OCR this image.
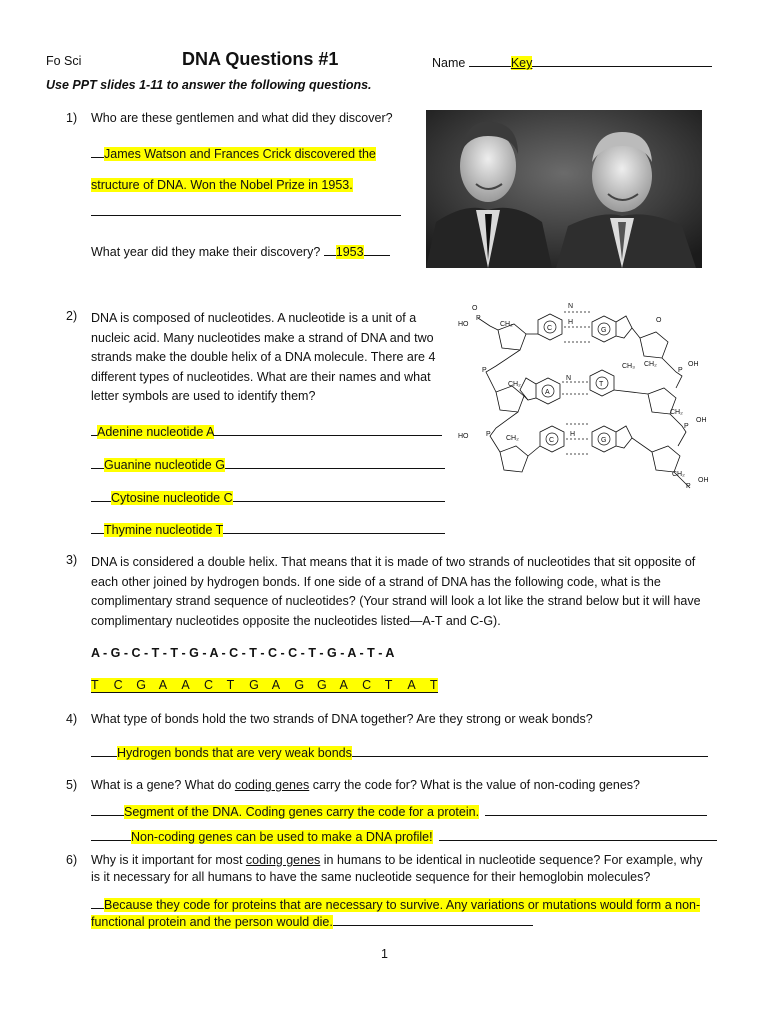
Fo Sci	DNA Questions #1	Name	Key
Use PPT slides 1-11 to answer the following questions.
1) Who are these gentlemen and what did they discover?
James Watson and Frances Crick discovered the
structure of DNA. Won the Nobel Prize in 1953.
What year did they make their discovery? 1953
2) DNA is composed of nucleotides. A nucleotide is a unit of a
nucleic acid. Many nucleotides make a strand of DNA and two
strands make the double helix of a DNA molecule. There are 4
different types of nucleotides. What are their names and what
letter symbols are used to identify them?
Adenine nucleotide A
Guanine nucleotide G
Cytosine nucleotide C
Thymine nucleotide T
C	G
A
T
C	G
O
P
HO	CH₂
P
CH₂
P
HO	CH₂
O
CH₂
P
OH
CH₂
P
OH
CH₂
P
OH
CH₃
N
H
N
H
3) DNA is considered a double helix. That means that it is made of two strands of nucleotides that sit opposite of
each other joined by hydrogen bonds. If one side of a strand of DNA has the following code, what is the
complimentary strand sequence of nucleotides? (Your strand will look a lot like the strand below but it will have
complimentary nucleotides opposite the nucleotides listed—A-T and C-G).
A - G - C - T - T - G - A - C - T - C - C - T - G - A - T - A
T C G A A C T G A G G A C T A T
4) What type of bonds hold the two strands of DNA together? Are they strong or weak bonds?
Hydrogen bonds that are very weak bonds
5) What is a gene? What do coding genes carry the code for? What is the value of non-coding genes?
Segment of the DNA. Coding genes carry the code for a protein.
Non-coding genes can be used to make a DNA profile!
6) Why is it important for most coding genes in humans to be identical in nucleotide sequence? For example, why
is it necessary for all humans to have the same nucleotide sequence for their hemoglobin molecules?
Because they code for proteins that are necessary to survive. Any variations or mutations would form a non-
functional protein and the person would die.
1
